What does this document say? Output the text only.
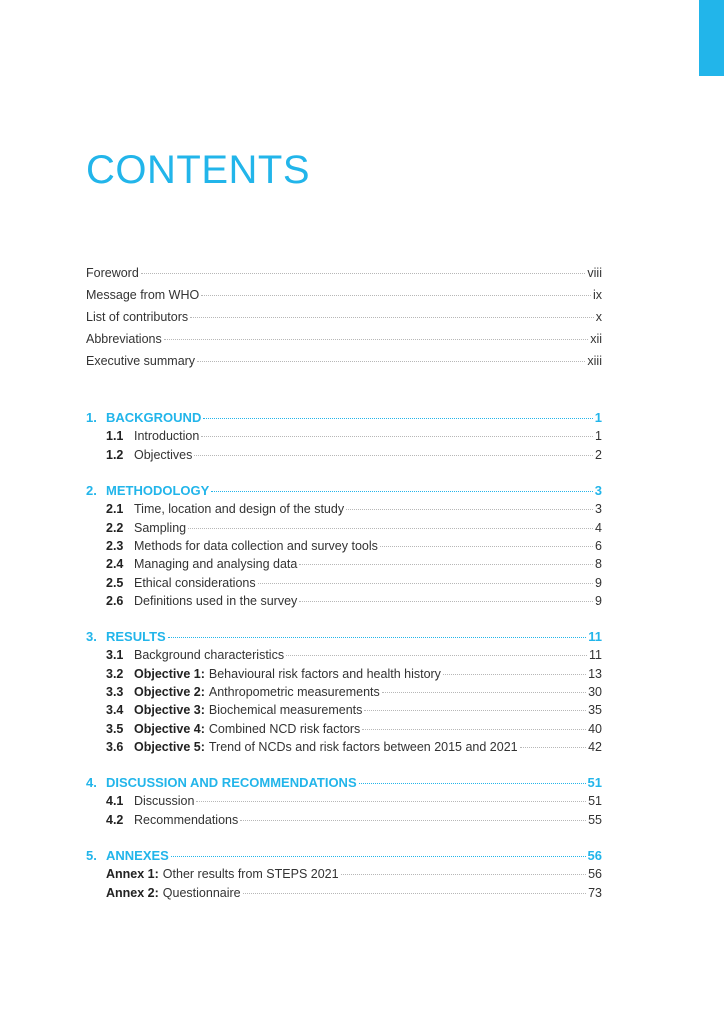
CONTENTS
Foreword	viii
Message from WHO	ix
List of contributors	x
Abbreviations	xii
Executive summary	xiii
1. BACKGROUND	1
1.1 Introduction	1
1.2 Objectives	2
2. METHODOLOGY	3
2.1 Time, location and design of the study	3
2.2 Sampling	4
2.3 Methods for data collection and survey tools	6
2.4 Managing and analysing data	8
2.5 Ethical considerations	9
2.6 Definitions used in the survey	9
3. RESULTS	11
3.1 Background characteristics	11
3.2 Objective 1: Behavioural risk factors and health history	13
3.3 Objective 2: Anthropometric measurements	30
3.4 Objective 3: Biochemical measurements	35
3.5 Objective 4: Combined NCD risk factors	40
3.6 Objective 5: Trend of NCDs and risk factors between 2015 and 2021	42
4. DISCUSSION AND RECOMMENDATIONS	51
4.1 Discussion	51
4.2 Recommendations	55
5. ANNEXES	56
Annex 1: Other results from STEPS 2021	56
Annex 2: Questionnaire	73
